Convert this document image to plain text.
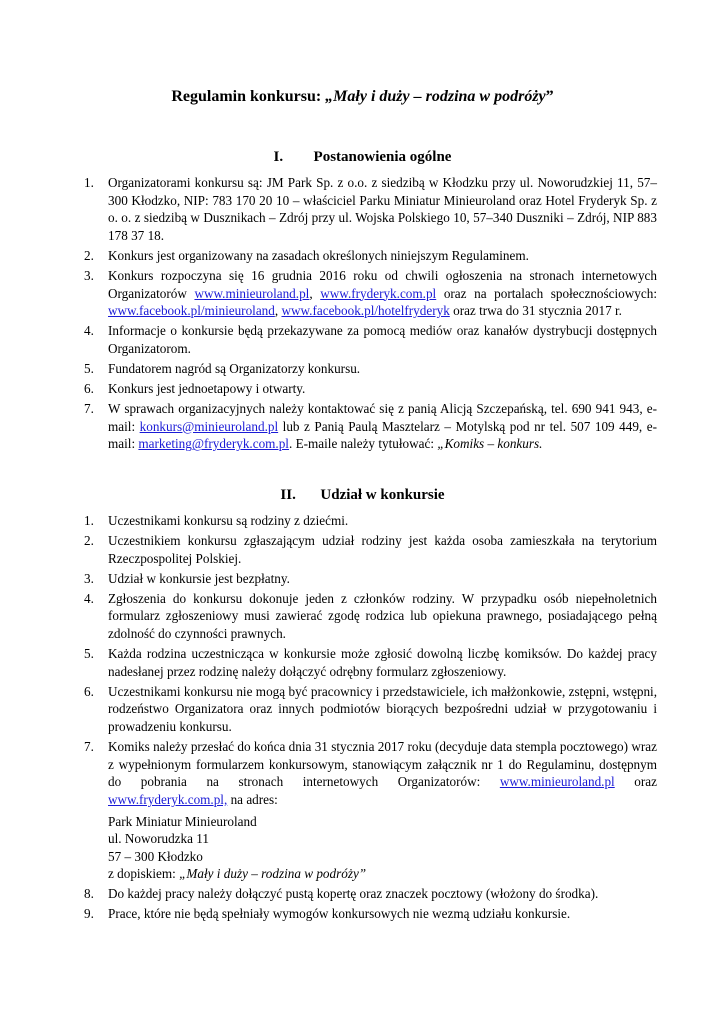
Regulamin konkursu: „Mały i duży – rodzina w podróży”
I. Postanowienia ogólne
1. Organizatorami konkursu są: JM Park Sp. z o.o. z siedzibą w Kłodzku przy ul. Noworudzkiej 11, 57–300 Kłodzko, NIP: 783 170 20 10 – właściciel Parku Miniatur Minieuroland oraz Hotel Fryderyk Sp. z o. o. z siedzibą w Dusznikach – Zdrój przy ul. Wojska Polskiego 10, 57–340 Duszniki – Zdrój, NIP 883 178 37 18.
2. Konkurs jest organizowany na zasadach określonych niniejszym Regulaminem.
3. Konkurs rozpoczyna się 16 grudnia 2016 roku od chwili ogłoszenia na stronach internetowych Organizatorów www.minieuroland.pl, www.fryderyk.com.pl oraz na portalach społecznościowych: www.facebook.pl/minieuroland, www.facebook.pl/hotelfryderyk oraz trwa do 31 stycznia 2017 r.
4. Informacje o konkursie będą przekazywane za pomocą mediów oraz kanałów dystrybucji dostępnych Organizatorom.
5. Fundatorem nagród są Organizatorzy konkursu.
6. Konkurs jest jednoetapowy i otwarty.
7. W sprawach organizacyjnych należy kontaktować się z panią Alicją Szczepańską, tel. 690 941 943, e-mail: konkurs@minieuroland.pl lub z Panią Paulą Masztelarz – Motylską pod nr tel. 507 109 449, e-mail: marketing@fryderyk.com.pl. E-maile należy tytułować: „Komiks – konkurs.
II. Udział w konkursie
1. Uczestnikami konkursu są rodziny z dziećmi.
2. Uczestnikiem konkursu zgłaszającym udział rodziny jest każda osoba zamieszkała na terytorium Rzeczpospolitej Polskiej.
3. Udział w konkursie jest bezpłatny.
4. Zgłoszenia do konkursu dokonuje jeden z członków rodziny. W przypadku osób niepełnoletnich formularz zgłoszeniowy musi zawierać zgodę rodzica lub opiekuna prawnego, posiadającego pełną zdolność do czynności prawnych.
5. Każda rodzina uczestnicząca w konkursie może zgłosić dowolną liczbę komiksów. Do każdej pracy nadesłanej przez rodzinę należy dołączyć odrębny formularz zgłoszeniowy.
6. Uczestnikami konkursu nie mogą być pracownicy i przedstawiciele, ich małżonkowie, zstępni, wstępni, rodzeństwo Organizatora oraz innych podmiotów biorących bezpośredni udział w przygotowaniu i prowadzeniu konkursu.
7. Komiks należy przesłać do końca dnia 31 stycznia 2017 roku (decyduje data stempla pocztowego) wraz z wypełnionym formularzem konkursowym, stanowiącym załącznik nr 1 do Regulaminu, dostępnym do pobrania na stronach internetowych Organizatorów: www.minieuroland.pl oraz www.fryderyk.com.pl, na adres:
Park Miniatur Minieuroland
ul. Noworudzka 11
57 – 300 Kłodzko
z dopiskiem: „Mały i duży – rodzina w podróży”
8. Do każdej pracy należy dołączyć pustą kopertę oraz znaczek pocztowy (włożony do środka).
9. Prace, które nie będą spełniały wymogów konkursowych nie wezmą udziału konkursie.
